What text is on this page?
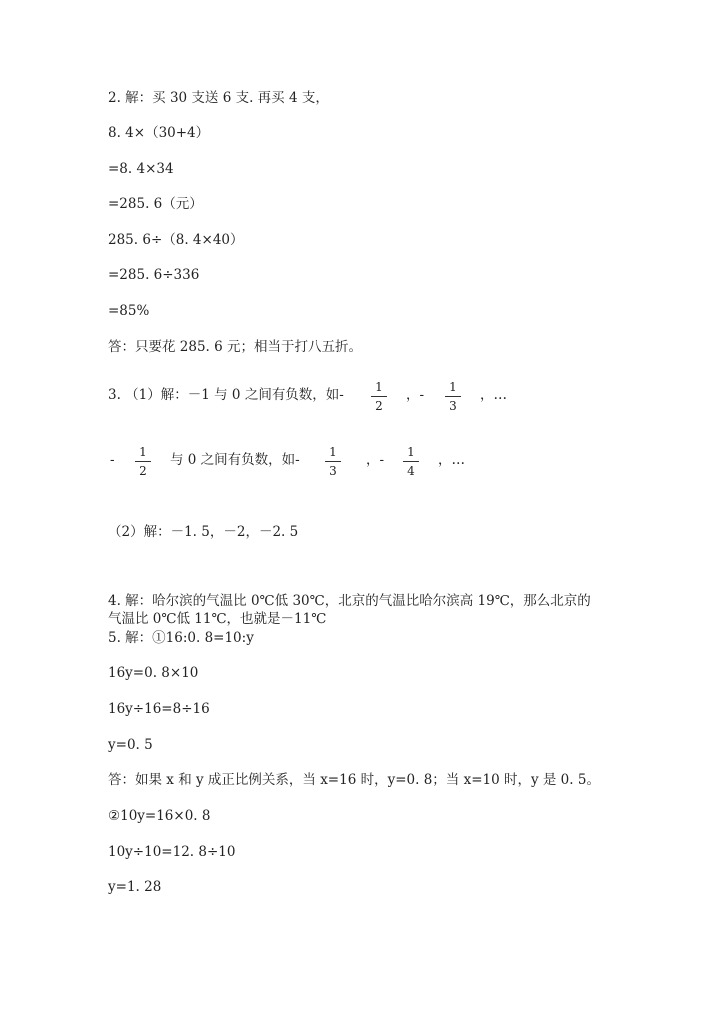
2. 解：买 30 支送 6 支. 再买 4 支，
8. 4×（30+4）
=8. 4×34
=285. 6（元）
285. 6÷（8. 4×40）
=285. 6÷336
=85%
答：只要花 285. 6 元；相当于打八五折。
3. （1）解：－1 与 0 之间有负数，如-	1
2
，-	1
3
，…
-	1
2
与 0 之间有负数，如-	1
3
，-	1
4
，…
（2）解：－1. 5，－2，－2. 5
4. 解：哈尔滨的气温比 0℃低 30℃，北京的气温比哈尔滨高 19℃，那么北京的
气温比 0℃低 11℃，也就是－11℃
5. 解：①16:0. 8=10:y
16y=0. 8×10
16y÷16=8÷16
y=0. 5
答：如果 x 和 y 成正比例关系，当 x=16 时，y=0. 8；当 x=10 时，y 是 0. 5。
②10y=16×0. 8
10y÷10=12. 8÷10
y=1. 28
